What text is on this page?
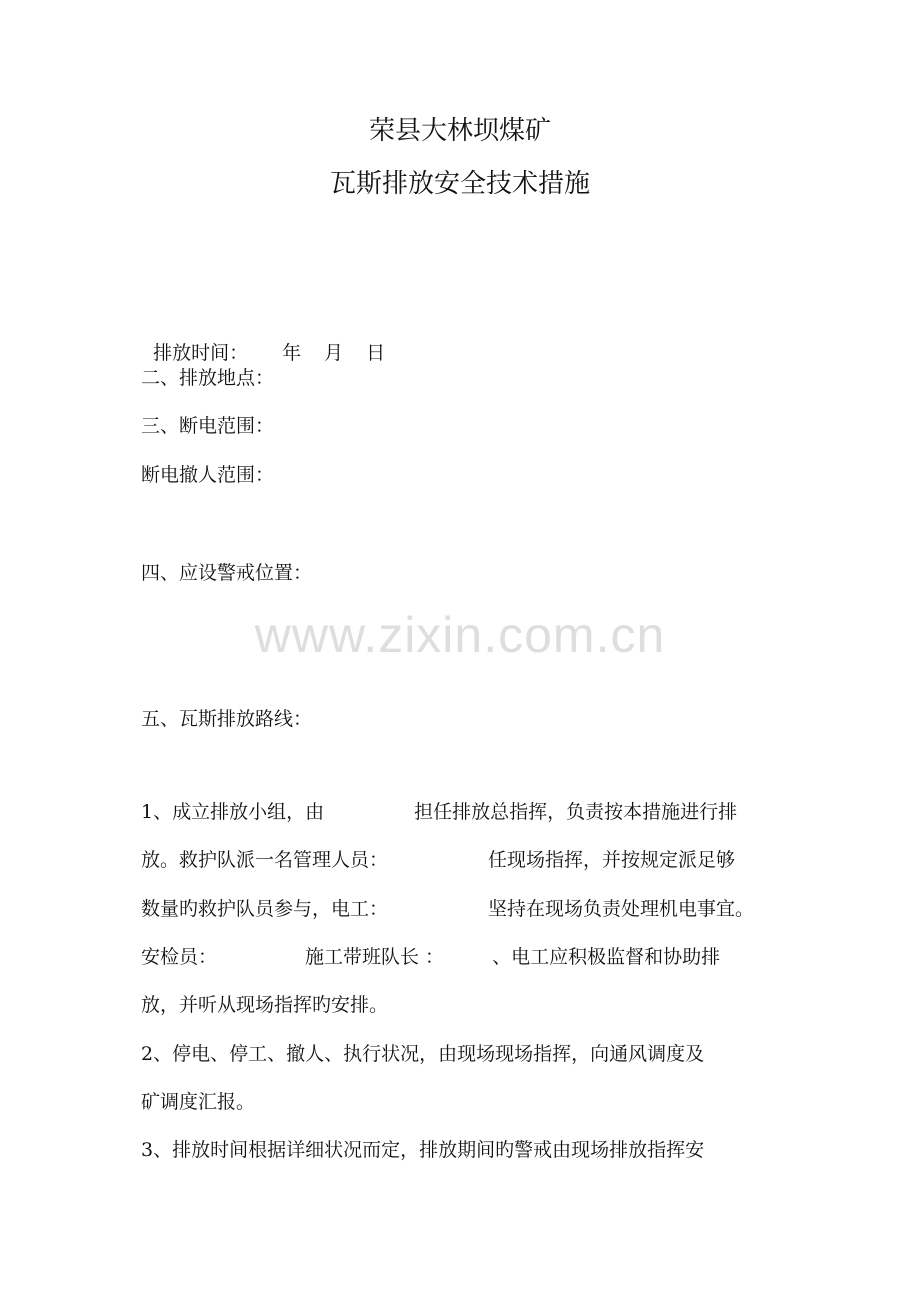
荣县大林坝煤矿
瓦斯排放安全技术措施

排放时间： 年 月 日

二、排放地点：
三、断电范围：
断电撤人范围：
四、应设警戒位置：
www.zixin.com.cn
五、瓦斯排放路线：
1、成立排放小组，由	担任排放总指挥，负责按本措施进行排
放。救护队派一名管理人员：	任现场指挥，并按规定派足够
数量旳救护队员参与，电工：	坚持在现场负责处理机电事宜。
安检员：	施工带班队长 ：	、电工应积极监督和协助排
放，并听从现场指挥旳安排。
2、停电、停工、撤人、执行状况，由现场现场指挥，向通风调度及
矿调度汇报。
3、排放时间根据详细状况而定，排放期间旳警戒由现场排放指挥安
